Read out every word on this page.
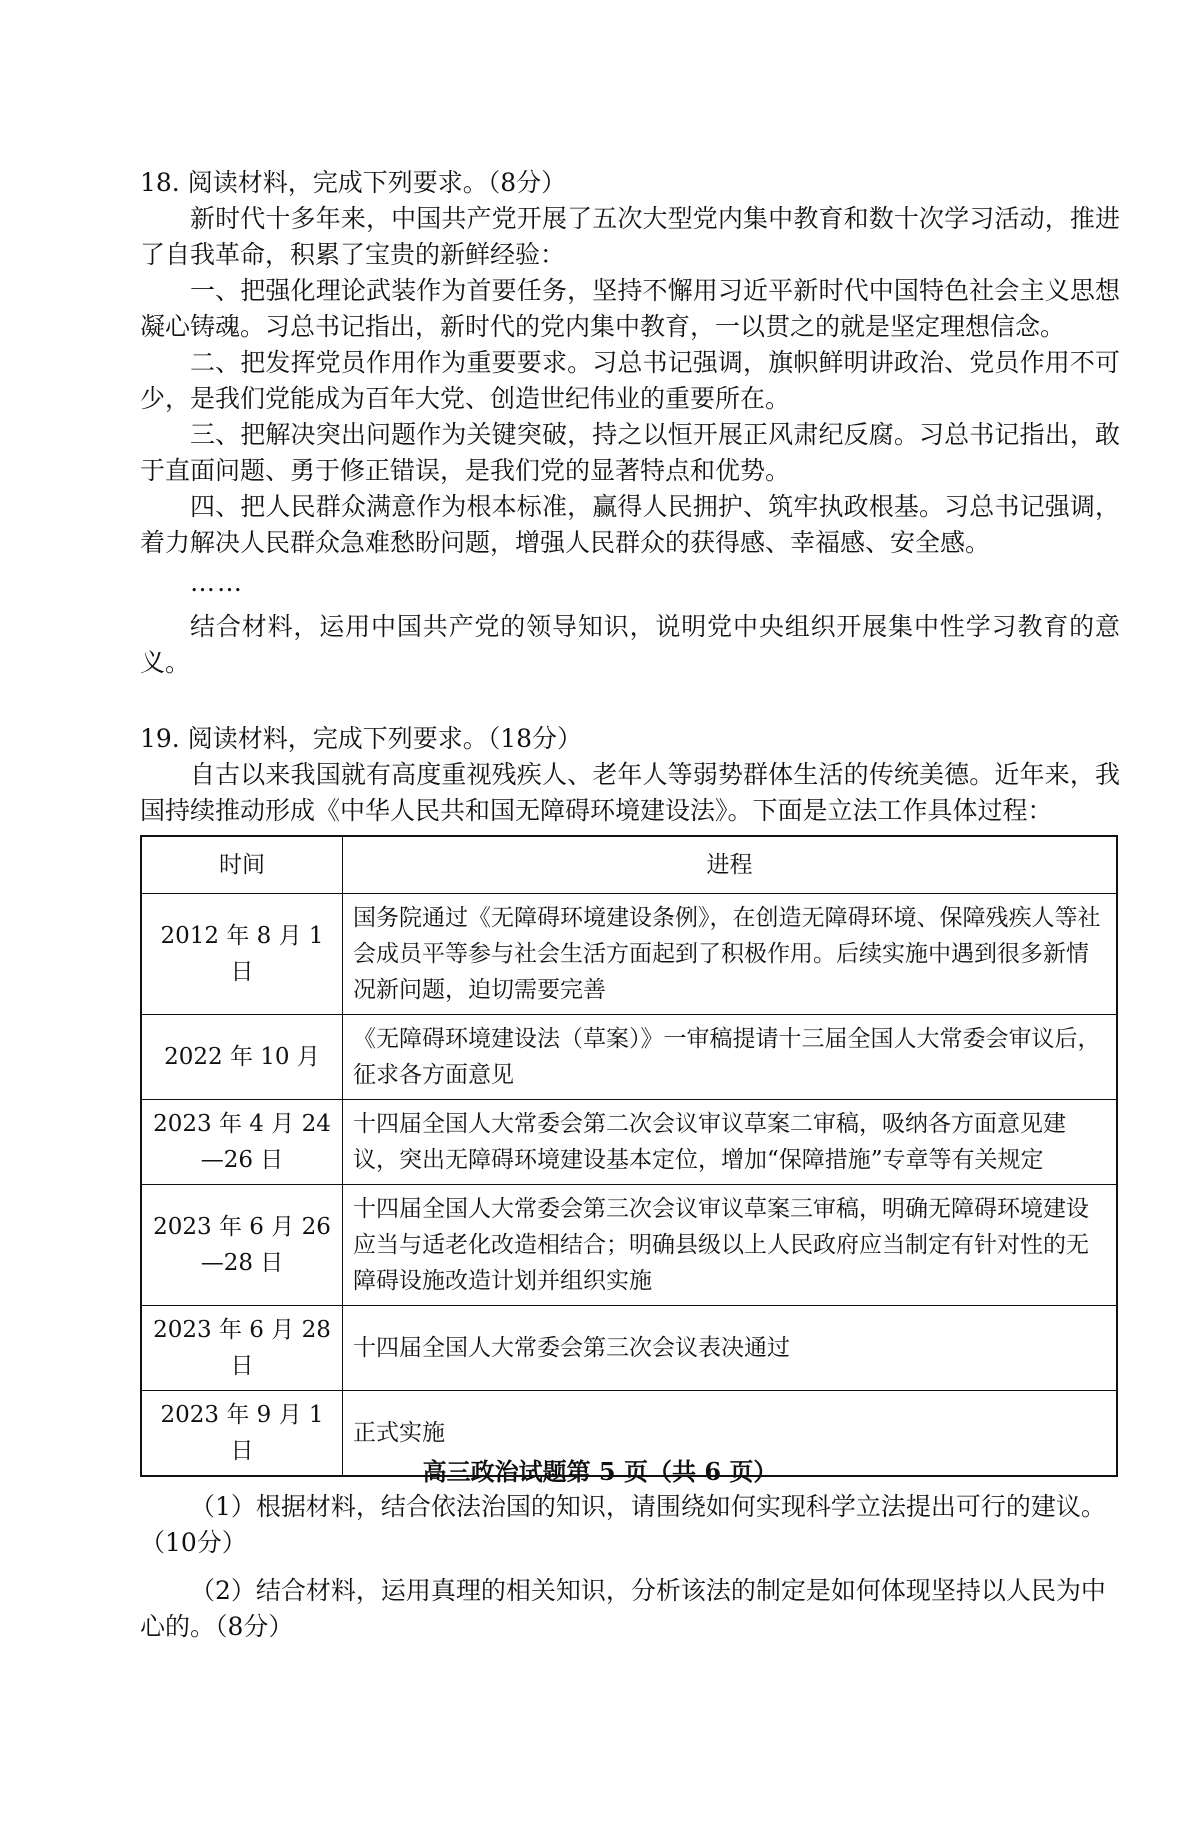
18. 阅读材料，完成下列要求。（8分）

新时代十多年来，中国共产党开展了五次大型党内集中教育和数十次学习活动，推进了自我革命，积累了宝贵的新鲜经验：

一、把强化理论武装作为首要任务，坚持不懈用习近平新时代中国特色社会主义思想凝心铸魂。习总书记指出，新时代的党内集中教育，一以贯之的就是坚定理想信念。

二、把发挥党员作用作为重要要求。习总书记强调，旗帜鲜明讲政治、党员作用不可少，是我们党能成为百年大党、创造世纪伟业的重要所在。

三、把解决突出问题作为关键突破，持之以恒开展正风肃纪反腐。习总书记指出，敢于直面问题、勇于修正错误，是我们党的显著特点和优势。

四、把人民群众满意作为根本标准，赢得人民拥护、筑牢执政根基。习总书记强调，着力解决人民群众急难愁盼问题，增强人民群众的获得感、幸福感、安全感。

……

结合材料，运用中国共产党的领导知识，说明党中央组织开展集中性学习教育的意义。

19. 阅读材料，完成下列要求。（18分）

自古以来我国就有高度重视残疾人、老年人等弱势群体生活的传统美德。近年来，我国持续推动形成《中华人民共和国无障碍环境建设法》。下面是立法工作具体过程：

时间	进程
2012 年 8 月 1 日	国务院通过《无障碍环境建设条例》，在创造无障碍环境、保障残疾人等社会成员平等参与社会生活方面起到了积极作用。后续实施中遇到很多新情况新问题，迫切需要完善
2022 年 10 月	《无障碍环境建设法（草案）》一审稿提请十三届全国人大常委会审议后，征求各方面意见
2023 年 4 月 24 —26 日	十四届全国人大常委会第二次会议审议草案二审稿，吸纳各方面意见建议，突出无障碍环境建设基本定位，增加“保障措施”专章等有关规定
2023 年 6 月 26 —28 日	十四届全国人大常委会第三次会议审议草案三审稿，明确无障碍环境建设应当与适老化改造相结合；明确县级以上人民政府应当制定有针对性的无障碍设施改造计划并组织实施
2023 年 6 月 28 日	十四届全国人大常委会第三次会议表决通过
2023 年 9 月 1 日	正式实施

（1）根据材料，结合依法治国的知识，请围绕如何实现科学立法提出可行的建议。（10分）

（2）结合材料，运用真理的相关知识，分析该法的制定是如何体现坚持以人民为中心的。（8分）

高三政治试题第 5 页（共 6 页）
